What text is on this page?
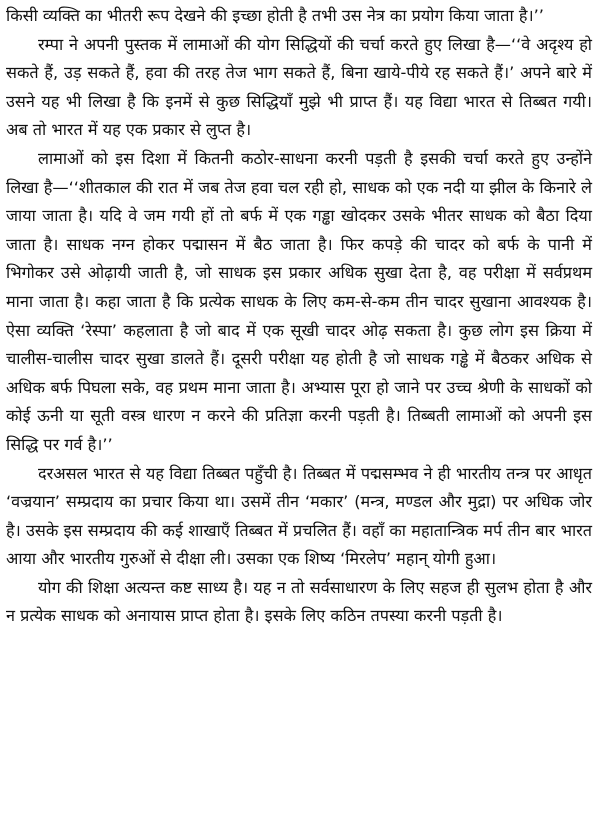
किसी व्यक्ति का भीतरी रूप देखने की इच्छा होती है तभी उस नेत्र का प्रयोग किया जाता है।’’

रम्पा ने अपनी पुस्तक में लामाओं की योग सिद्धियों की चर्चा करते हुए लिखा है—‘‘वे अदृश्य हो सकते हैं, उड़ सकते हैं, हवा की तरह तेज भाग सकते हैं, बिना खाये-पीये रह सकते हैं।’ अपने बारे में उसने यह भी लिखा है कि इनमें से कुछ सिद्धियाँ मुझे भी प्राप्त हैं। यह विद्या भारत से तिब्बत गयी। अब तो भारत में यह एक प्रकार से लुप्त है।

लामाओं को इस दिशा में कितनी कठोर-साधना करनी पड़ती है इसकी चर्चा करते हुए उन्होंने लिखा है—‘‘शीतकाल की रात में जब तेज हवा चल रही हो, साधक को एक नदी या झील के किनारे ले जाया जाता है। यदि वे जम गयी हों तो बर्फ में एक गड्ढा खोदकर उसके भीतर साधक को बैठा दिया जाता है। साधक नग्न होकर पद्मासन में बैठ जाता है। फिर कपड़े की चादर को बर्फ के पानी में भिगोकर उसे ओढ़ायी जाती है, जो साधक इस प्रकार अधिक सुखा देता है, वह परीक्षा में सर्वप्रथम माना जाता है। कहा जाता है कि प्रत्येक साधक के लिए कम-से-कम तीन चादर सुखाना आवश्यक है। ऐसा व्यक्ति ‘रेस्पा’ कहलाता है जो बाद में एक सूखी चादर ओढ़ सकता है। कुछ लोग इस क्रिया में चालीस-चालीस चादर सुखा डालते हैं। दूसरी परीक्षा यह होती है जो साधक गड्ढे में बैठकर अधिक से अधिक बर्फ पिघला सके, वह प्रथम माना जाता है। अभ्यास पूरा हो जाने पर उच्च श्रेणी के साधकों को कोई ऊनी या सूती वस्त्र धारण न करने की प्रतिज्ञा करनी पड़ती है। तिब्बती लामाओं को अपनी इस सिद्धि पर गर्व है।’’

दरअसल भारत से यह विद्या तिब्बत पहुँची है। तिब्बत में पद्मसम्भव ने ही भारतीय तन्त्र पर आधृत ‘वज्रयान’ सम्प्रदाय का प्रचार किया था। उसमें तीन ‘मकार’ (मन्त्र, मण्डल और मुद्रा) पर अधिक जोर है। उसके इस सम्प्रदाय की कई शाखाएँ तिब्बत में प्रचलित हैं। वहाँ का महातान्त्रिक मर्प तीन बार भारत आया और भारतीय गुरुओं से दीक्षा ली। उसका एक शिष्य ‘मिरलेप’ महान् योगी हुआ।

योग की शिक्षा अत्यन्त कष्ट साध्य है। यह न तो सर्वसाधारण के लिए सहज ही सुलभ होता है और न प्रत्येक साधक को अनायास प्राप्त होता है। इसके लिए कठिन तपस्या करनी पड़ती है।
